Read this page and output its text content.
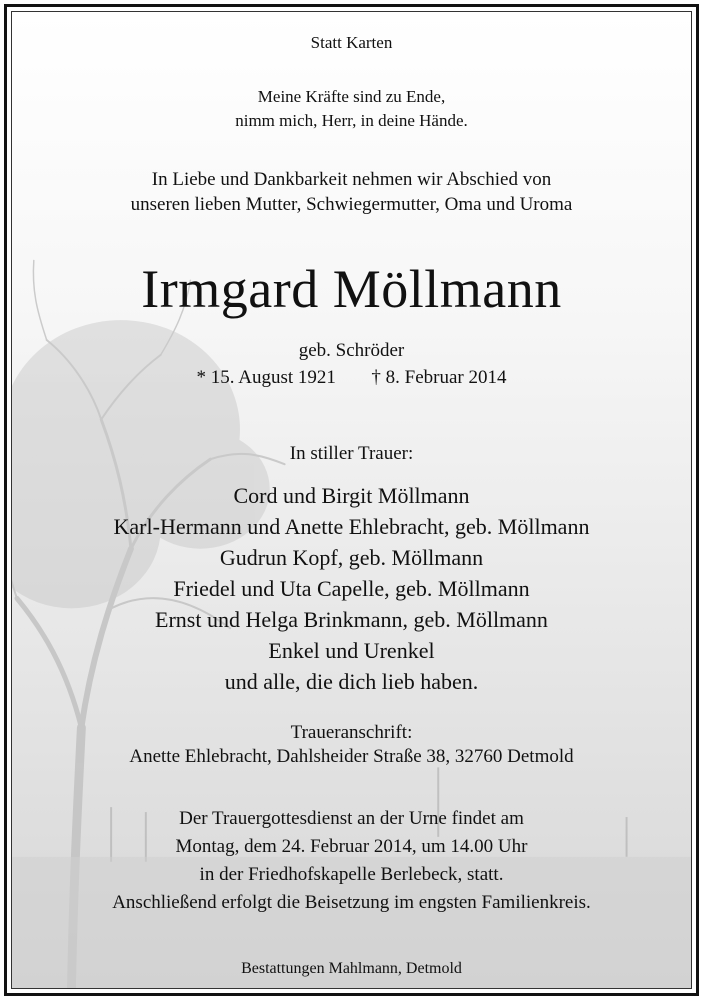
Statt Karten

Meine Kräfte sind zu Ende,

nimm mich, Herr, in deine Hände.

In Liebe und Dankbarkeit nehmen wir Abschied von

unseren lieben Mutter, Schwiegermutter, Oma und Uroma

Irmgard Möllmann

geb. Schröder

* 15. August 1921 † 8. Februar 2014

In stiller Trauer:

Cord und Birgit Möllmann

Karl-Hermann und Anette Ehlebracht, geb. Möllmann

Gudrun Kopf, geb. Möllmann

Friedel und Uta Capelle, geb. Möllmann

Ernst und Helga Brinkmann, geb. Möllmann

Enkel und Urenkel

und alle, die dich lieb haben.

Traueranschrift:

Anette Ehlebracht, Dahlsheider Straße 38, 32760 Detmold

Der Trauergottesdienst an der Urne findet am

Montag, dem 24. Februar 2014, um 14.00 Uhr

in der Friedhofskapelle Berlebeck, statt.

Anschließend erfolgt die Beisetzung im engsten Familienkreis.

Bestattungen Mahlmann, Detmold
